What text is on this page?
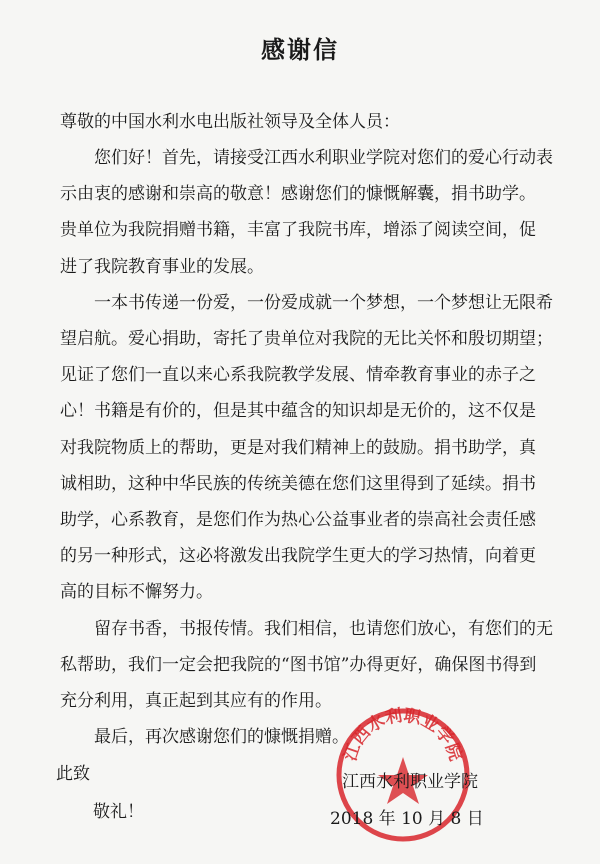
感谢信
尊敬的中国水利水电出版社领导及全体人员：
　　您们好！首先，请接受江西水利职业学院对您们的爱心行动表
示由衷的感谢和崇高的敬意！感谢您们的慷慨解囊，捐书助学。
贵单位为我院捐赠书籍，丰富了我院书库，增添了阅读空间，促
进了我院教育事业的发展。
　　一本书传递一份爱，一份爱成就一个梦想，一个梦想让无限希
望启航。爱心捐助，寄托了贵单位对我院的无比关怀和殷切期望；
见证了您们一直以来心系我院教学发展、情牵教育事业的赤子之
心！书籍是有价的，但是其中蕴含的知识却是无价的，这不仅是
对我院物质上的帮助，更是对我们精神上的鼓励。捐书助学，真
诚相助，这种中华民族的传统美德在您们这里得到了延续。捐书
助学，心系教育，是您们作为热心公益事业者的崇高社会责任感
的另一种形式，这必将激发出我院学生更大的学习热情，向着更
高的目标不懈努力。
　　留存书香，书报传情。我们相信，也请您们放心，有您们的无
私帮助，我们一定会把我院的“图书馆”办得更好，确保图书得到
充分利用，真正起到其应有的作用。
　　最后，再次感谢您们的慷慨捐赠。
此致
敬礼！
江西水利职业学院
江西水利职业学院
2018 年 10 月 8 日
